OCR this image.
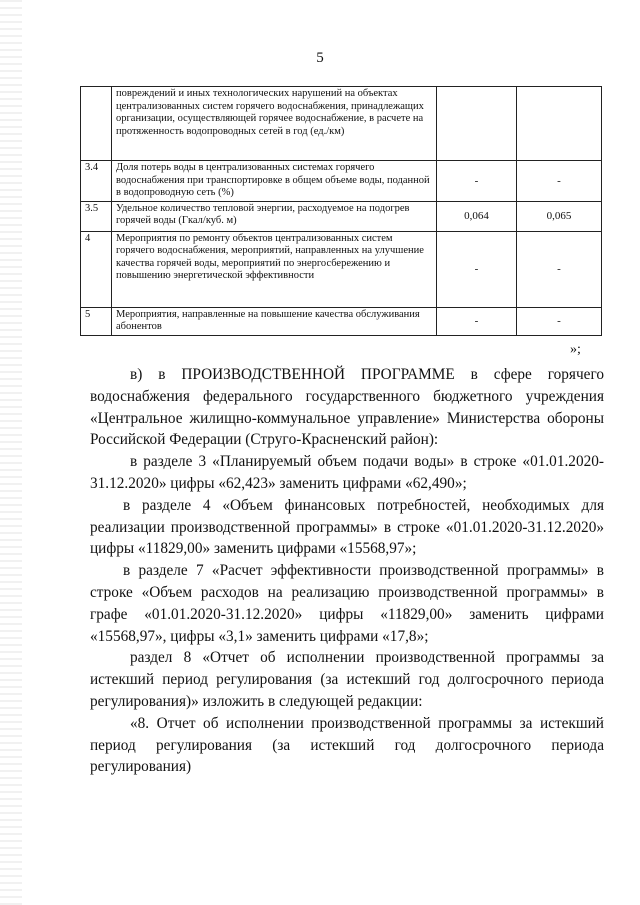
5
	повреждений и иных технологических нарушений на объектах централизованных систем горячего водоснабжения, принадлежащих организации, осуществляющей горячее водоснабжение, в расчете на протяженность водопроводных сетей в год (ед./км)		
3.4	Доля потерь воды в централизованных системах горячего водоснабжения при транспортировке в общем объеме воды, поданной в водопроводную сеть (%)	-	-
3.5	Удельное количество тепловой энергии, расходуемое на подогрев горячей воды (Гкал/куб. м)	0,064	0,065
4	Мероприятия по ремонту объектов централизованных систем горячего водоснабжения, мероприятий, направленных на улучшение качества горячей воды, мероприятий по энергосбережению и повышению энергетической эффективности	-	-
5	Мероприятия, направленные на повышение качества обслуживания абонентов	-	-
»;

в) в ПРОИЗВОДСТВЕННОЙ ПРОГРАММЕ в сфере горячего водоснабжения федерального государственного бюджетного учреждения «Центральное жилищно-коммунальное управление» Министерства обороны Российской Федерации (Стругo-Красненский район):

в разделе 3 «Планируемый объем подачи воды» в строке «01.01.2020-31.12.2020» цифры «62,423» заменить цифрами «62,490»;

в разделе 4 «Объем финансовых потребностей, необходимых для реализации производственной программы» в строке «01.01.2020-31.12.2020» цифры «11829,00» заменить цифрами «15568,97»;

в разделе 7 «Расчет эффективности производственной программы» в строке «Объем расходов на реализацию производственной программы» в графе «01.01.2020-31.12.2020» цифры «11829,00» заменить цифрами «15568,97», цифры «3,1» заменить цифрами «17,8»;

раздел 8 «Отчет об исполнении производственной программы за истекший период регулирования (за истекший год долгосрочного периода регулирования)» изложить в следующей редакции:

«8. Отчет об исполнении производственной программы за истекший период регулирования (за истекший год долгосрочного периода регулирования)
